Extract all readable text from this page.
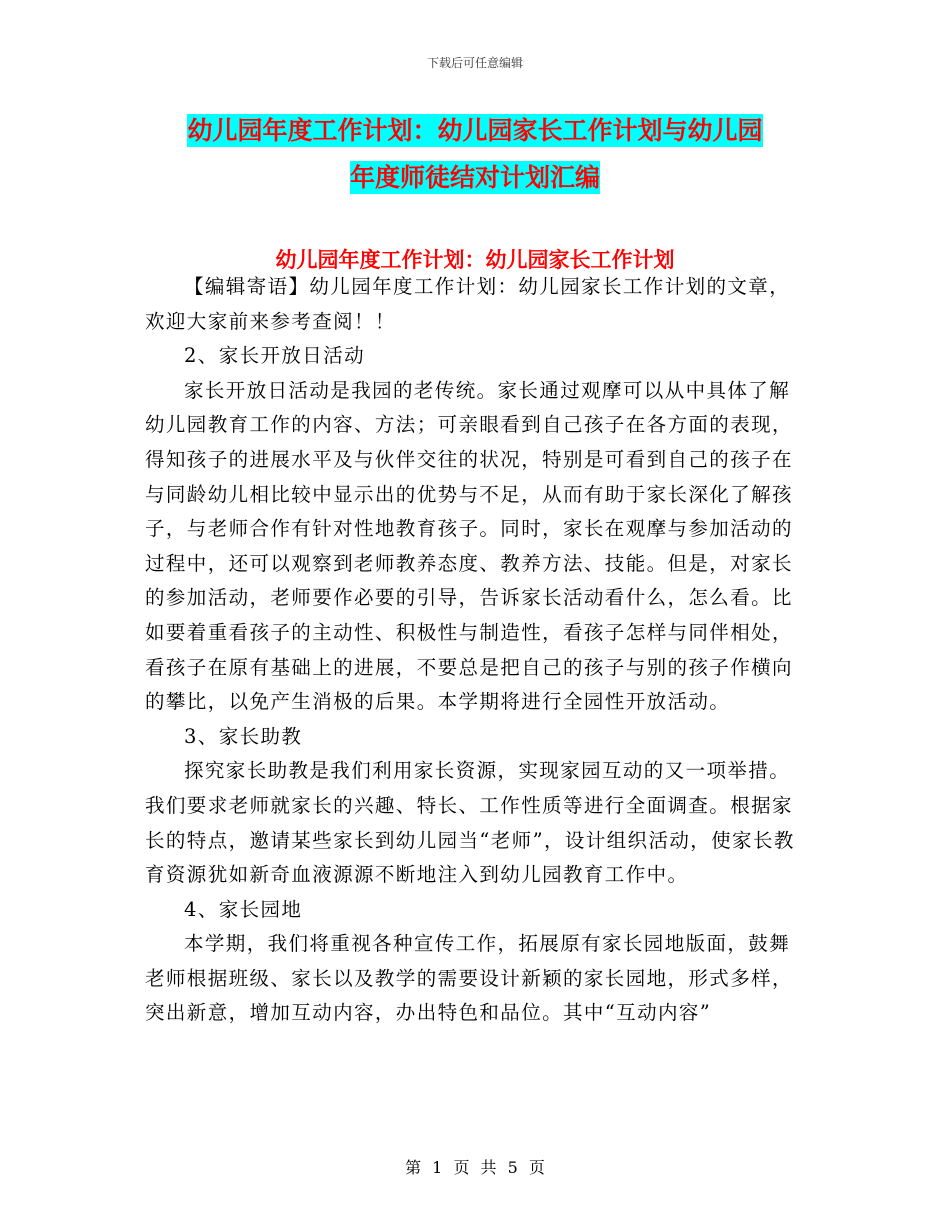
下载后可任意编辑
幼儿园年度工作计划：幼儿园家长工作计划与幼儿园
年度师徒结对计划汇编
幼儿园年度工作计划：幼儿园家长工作计划

【编辑寄语】幼儿园年度工作计划：幼儿园家长工作计划的文章，欢迎大家前来参考查阅！！

2、家长开放日活动

家长开放日活动是我园的老传统。家长通过观摩可以从中具体了解幼儿园教育工作的内容、方法；可亲眼看到自己孩子在各方面的表现，得知孩子的进展水平及与伙伴交往的状况，特别是可看到自己的孩子在与同龄幼儿相比较中显示出的优势与不足，从而有助于家长深化了解孩子，与老师合作有针对性地教育孩子。同时，家长在观摩与参加活动的过程中，还可以观察到老师教养态度、教养方法、技能。但是，对家长的参加活动，老师要作必要的引导，告诉家长活动看什么，怎么看。比如要着重看孩子的主动性、积极性与制造性，看孩子怎样与同伴相处，看孩子在原有基础上的进展，不要总是把自己的孩子与别的孩子作横向的攀比，以免产生消极的后果。本学期将进行全园性开放活动。

3、家长助教

探究家长助教是我们利用家长资源，实现家园互动的又一项举措。我们要求老师就家长的兴趣、特长、工作性质等进行全面调查。根据家长的特点，邀请某些家长到幼儿园当“老师”，设计组织活动，使家长教育资源犹如新奇血液源源不断地注入到幼儿园教育工作中。

4、家长园地

本学期，我们将重视各种宣传工作，拓展原有家长园地版面，鼓舞老师根据班级、家长以及教学的需要设计新颖的家长园地，形式多样，突出新意，增加互动内容，办出特色和品位。其中“互动内容”

第 1 页 共 5 页
